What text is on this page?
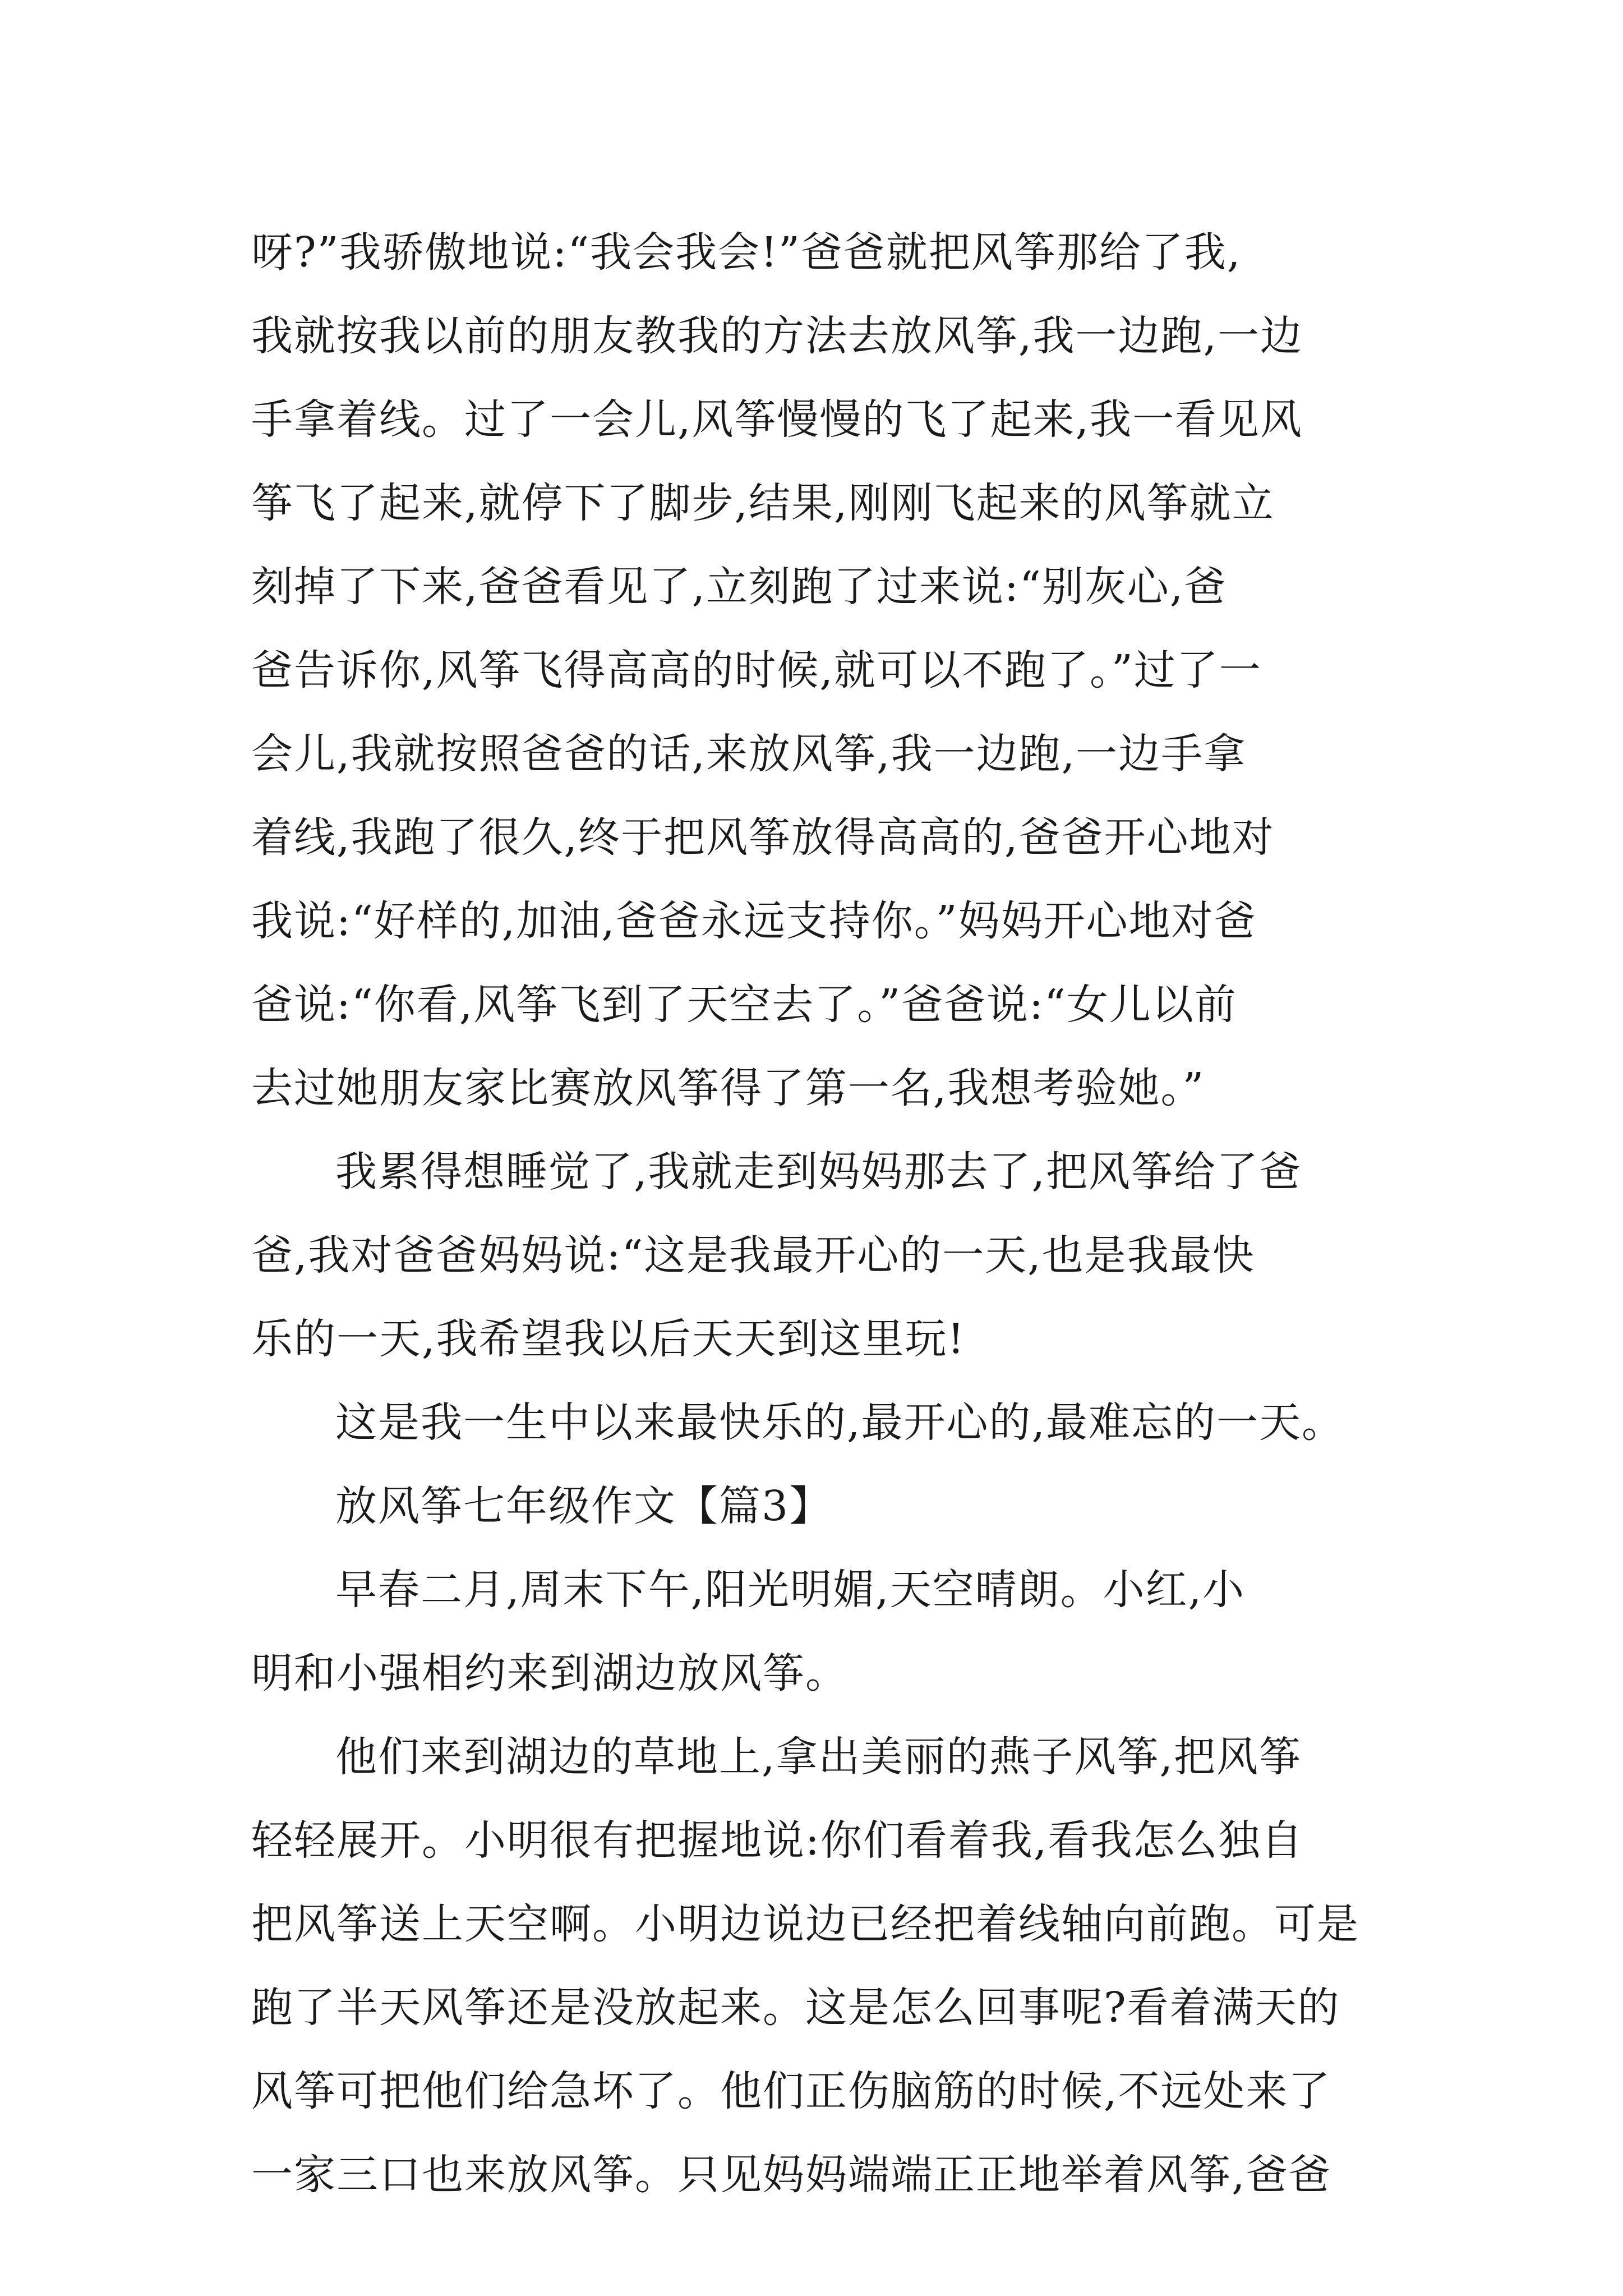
呀?”我骄傲地说:“我会我会!”爸爸就把风筝那给了我,
我就按我以前的朋友教我的方法去放风筝,我一边跑,一边
手拿着线。过了一会儿,风筝慢慢的飞了起来,我一看见风
筝飞了起来,就停下了脚步,结果,刚刚飞起来的风筝就立
刻掉了下来,爸爸看见了,立刻跑了过来说:“别灰心,爸
爸告诉你,风筝飞得高高的时候,就可以不跑了。”过了一
会儿,我就按照爸爸的话,来放风筝,我一边跑,一边手拿
着线,我跑了很久,终于把风筝放得高高的,爸爸开心地对
我说:“好样的,加油,爸爸永远支持你。”妈妈开心地对爸
爸说:“你看,风筝飞到了天空去了。”爸爸说:“女儿以前
去过她朋友家比赛放风筝得了第一名,我想考验她。”
我累得想睡觉了,我就走到妈妈那去了,把风筝给了爸
爸,我对爸爸妈妈说:“这是我最开心的一天,也是我最快
乐的一天,我希望我以后天天到这里玩!
这是我一生中以来最快乐的,最开心的,最难忘的一天。
放风筝七年级作文【篇3】
早春二月,周末下午,阳光明媚,天空晴朗。小红,小
明和小强相约来到湖边放风筝。
他们来到湖边的草地上,拿出美丽的燕子风筝,把风筝
轻轻展开。小明很有把握地说:你们看着我,看我怎么独自
把风筝送上天空啊。小明边说边已经把着线轴向前跑。可是
跑了半天风筝还是没放起来。这是怎么回事呢?看着满天的
风筝可把他们给急坏了。他们正伤脑筋的时候,不远处来了
一家三口也来放风筝。只见妈妈端端正正地举着风筝,爸爸
